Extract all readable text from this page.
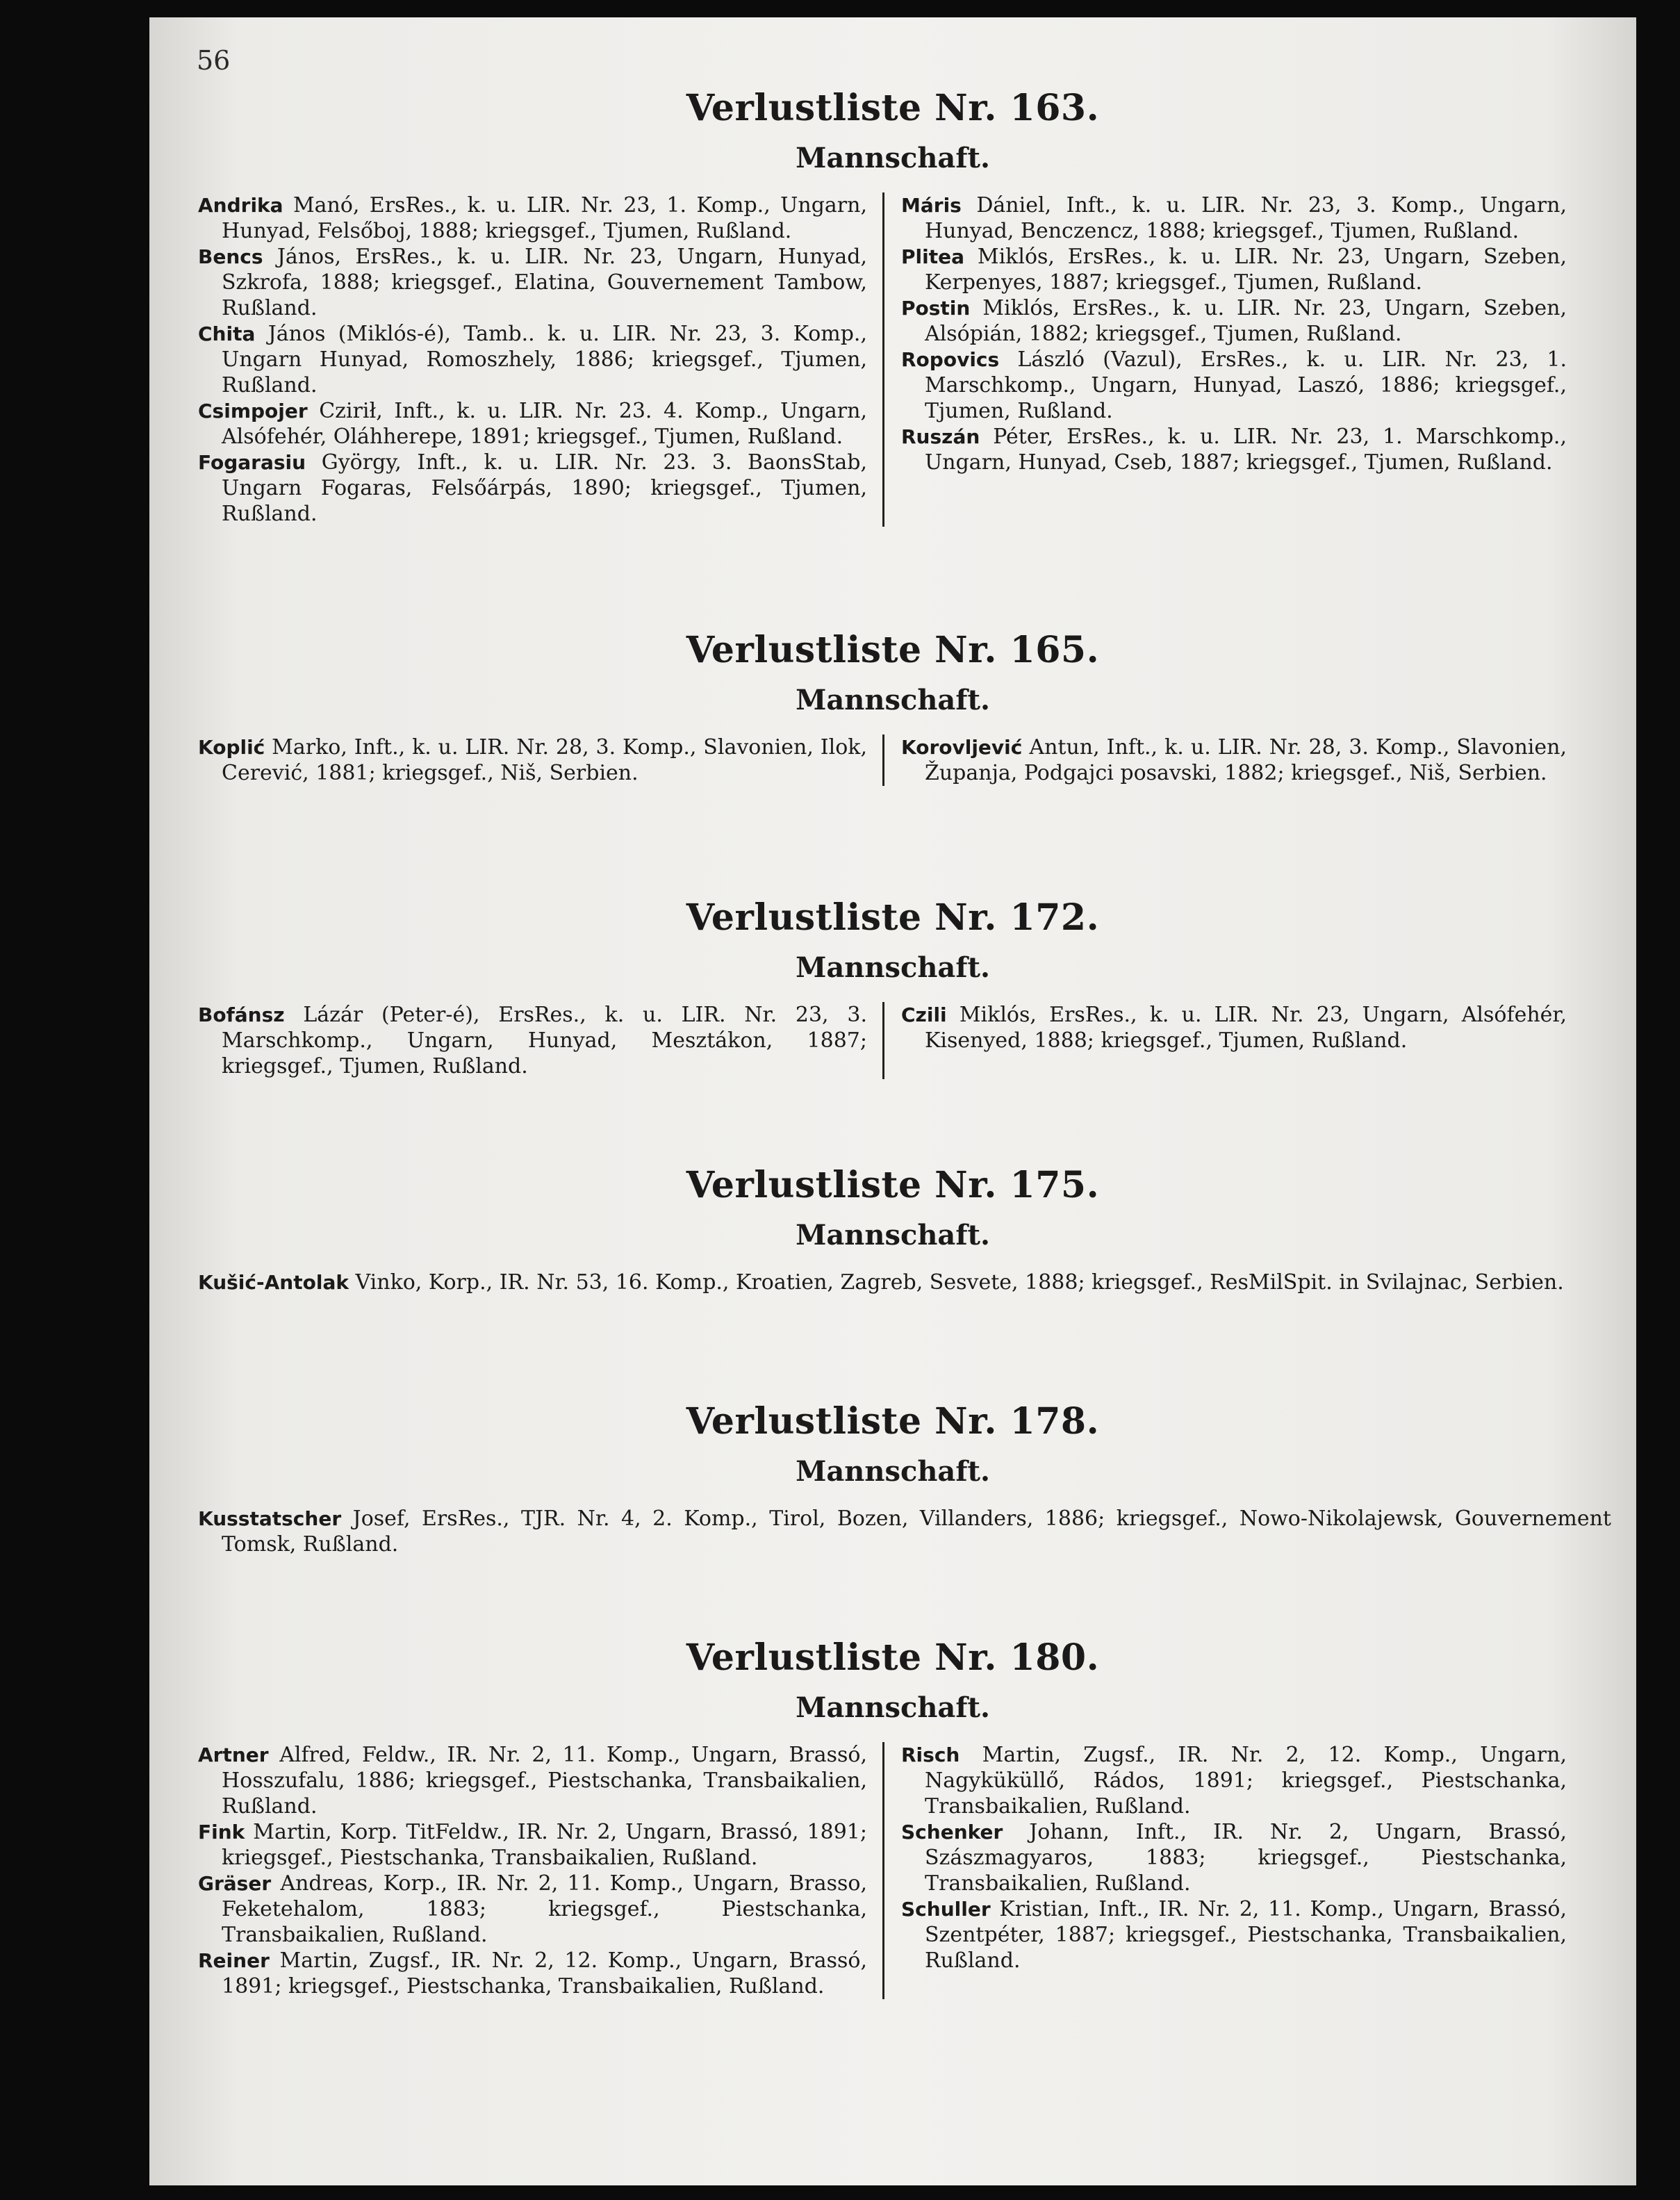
56
Verlustliste Nr. 163.
Mannschaft.

Andrika Manó, ErsRes., k. u. LIR. Nr. 23, 1. Komp., Ungarn, Hunyad, Felsőboj, 1888; kriegsgef., Tjumen, Rußland.

Bencs János, ErsRes., k. u. LIR. Nr. 23, Ungarn, Hunyad, Szkrofa, 1888; kriegsgef., Elatina, Gouvernement Tambow, Rußland.

Chita János (Miklós-é), Tamb.. k. u. LIR. Nr. 23, 3. Komp., Ungarn Hunyad, Romoszhely, 1886; kriegsgef., Tjumen, Rußland.

Csimpojer Czirił, Inft., k. u. LIR. Nr. 23. 4. Komp., Ungarn, Alsófehér, Oláhherepe, 1891; kriegsgef., Tjumen, Rußland.

Fogarasiu György, Inft., k. u. LIR. Nr. 23. 3. BaonsStab, Ungarn Fogaras, Felsőárpás, 1890; kriegsgef., Tjumen, Rußland.

Máris Dániel, Inft., k. u. LIR. Nr. 23, 3. Komp., Ungarn, Hunyad, Benczencz, 1888; kriegsgef., Tjumen, Rußland.

Plitea Miklós, ErsRes., k. u. LIR. Nr. 23, Ungarn, Szeben, Kerpenyes, 1887; kriegsgef., Tjumen, Rußland.

Postin Miklós, ErsRes., k. u. LIR. Nr. 23, Ungarn, Szeben, Alsópián, 1882; kriegsgef., Tjumen, Rußland.

Ropovics László (Vazul), ErsRes., k. u. LIR. Nr. 23, 1. Marschkomp., Ungarn, Hunyad, Laszó, 1886; kriegsgef., Tjumen, Rußland.

Ruszán Péter, ErsRes., k. u. LIR. Nr. 23, 1. Marschkomp., Ungarn, Hunyad, Cseb, 1887; kriegsgef., Tjumen, Rußland.

Verlustliste Nr. 165.
Mannschaft.

Koplić Marko, Inft., k. u. LIR. Nr. 28, 3. Komp., Slavonien, Ilok, Cerević, 1881; kriegsgef., Niš, Serbien.

Korovljević Antun, Inft., k. u. LIR. Nr. 28, 3. Komp., Slavonien, Županja, Podgajci posavski, 1882; kriegsgef., Niš, Serbien.

Verlustliste Nr. 172.
Mannschaft.

Bofánsz Lázár (Peter-é), ErsRes., k. u. LIR. Nr. 23, 3. Marschkomp., Ungarn, Hunyad, Mesztákon, 1887; kriegsgef., Tjumen, Rußland.

Czili Miklós, ErsRes., k. u. LIR. Nr. 23, Ungarn, Alsófehér, Kisenyed, 1888; kriegsgef., Tjumen, Rußland.

Verlustliste Nr. 175.
Mannschaft.

Kušić-Antolak Vinko, Korp., IR. Nr. 53, 16. Komp., Kroatien, Zagreb, Sesvete, 1888; kriegsgef., ResMilSpit. in Svilajnac, Serbien.

Verlustliste Nr. 178.
Mannschaft.

Kusstatscher Josef, ErsRes., TJR. Nr. 4, 2. Komp., Tirol, Bozen, Villanders, 1886; kriegsgef., Nowo-Nikolajewsk, Gouvernement Tomsk, Rußland.

Verlustliste Nr. 180.
Mannschaft.

Artner Alfred, Feldw., IR. Nr. 2, 11. Komp., Ungarn, Brassó, Hosszufalu, 1886; kriegsgef., Piestschanka, Transbaikalien, Rußland.

Fink Martin, Korp. TitFeldw., IR. Nr. 2, Ungarn, Brassó, 1891; kriegsgef., Piestschanka, Transbaikalien, Rußland.

Gräser Andreas, Korp., IR. Nr. 2, 11. Komp., Ungarn, Brasso, Feketehalom, 1883; kriegsgef., Piestschanka, Transbaikalien, Rußland.

Reiner Martin, Zugsf., IR. Nr. 2, 12. Komp., Ungarn, Brassó, 1891; kriegsgef., Piestschanka, Transbaikalien, Rußland.

Risch Martin, Zugsf., IR. Nr. 2, 12. Komp., Ungarn, Nagyküküllő, Rádos, 1891; kriegsgef., Piestschanka, Transbaikalien, Rußland.

Schenker Johann, Inft., IR. Nr. 2, Ungarn, Brassó, Szászmagyaros, 1883; kriegsgef., Piestschanka, Transbaikalien, Rußland.

Schuller Kristian, Inft., IR. Nr. 2, 11. Komp., Ungarn, Brassó, Szentpéter, 1887; kriegsgef., Piestschanka, Transbaikalien, Rußland.
